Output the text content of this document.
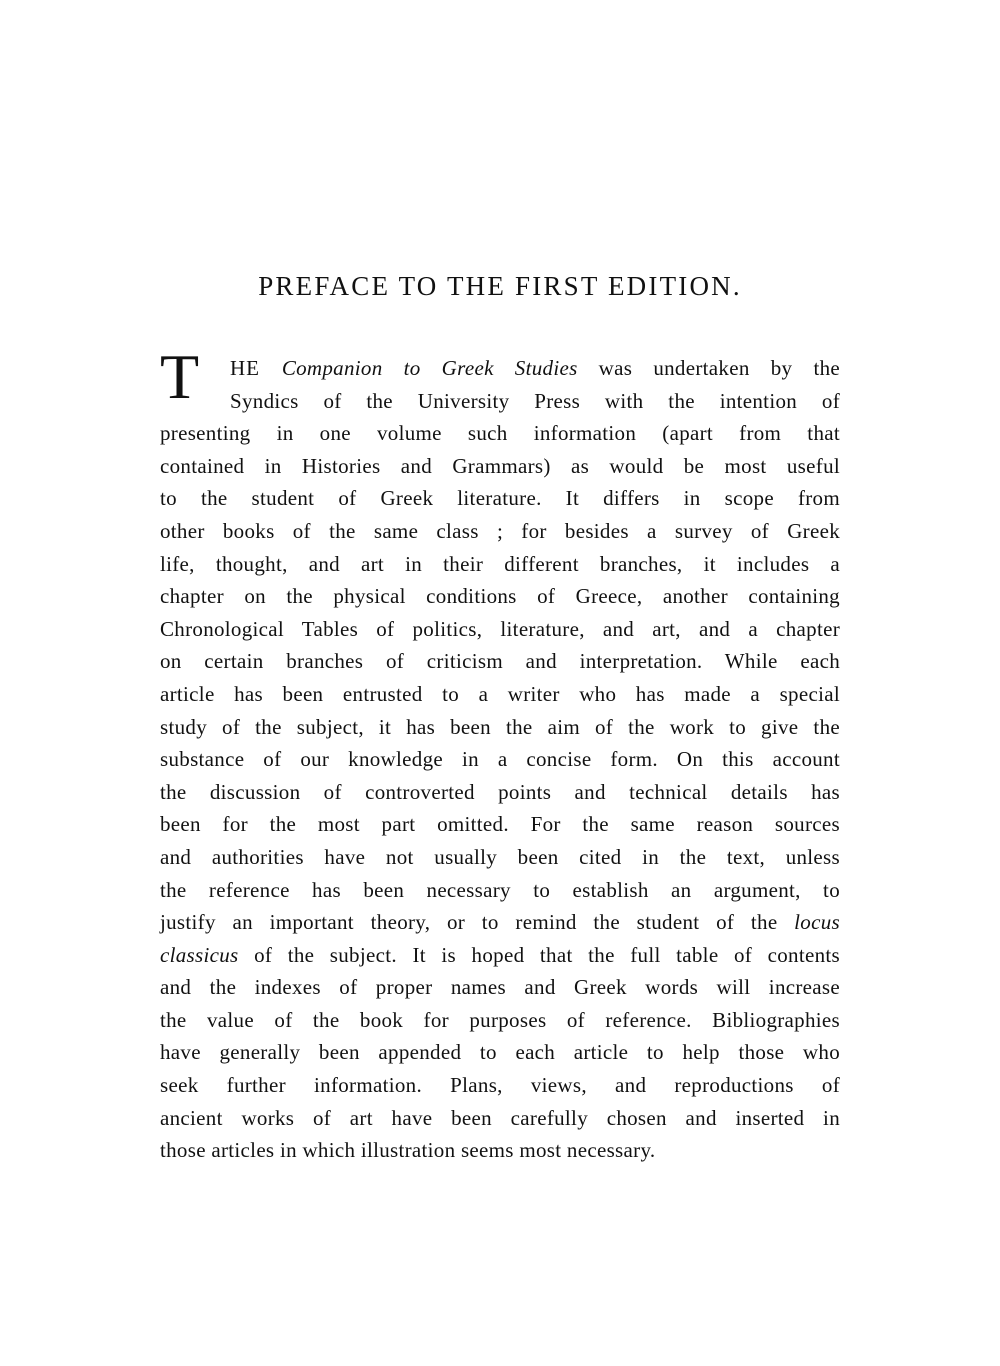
PREFACE TO THE FIRST EDITION.
T	HE Companion to Greek Studies was undertaken by the
Syndics of the University Press with the intention of
presenting in one volume such information (apart from that
contained in Histories and Grammars) as would be most useful
to the student of Greek literature. It differs in scope from
other books of the same class ; for besides a survey of Greek
life, thought, and art in their different branches, it includes a
chapter on the physical conditions of Greece, another containing
Chronological Tables of politics, literature, and art, and a chapter
on certain branches of criticism and interpretation. While each
article has been entrusted to a writer who has made a special
study of the subject, it has been the aim of the work to give the
substance of our knowledge in a concise form. On this account
the discussion of controverted points and technical details has
been for the most part omitted. For the same reason sources
and authorities have not usually been cited in the text, unless
the reference has been necessary to establish an argument, to
justify an important theory, or to remind the student of the locus
classicus of the subject. It is hoped that the full table of contents
and the indexes of proper names and Greek words will increase
the value of the book for purposes of reference. Bibliographies
have generally been appended to each article to help those who
seek further information. Plans, views, and reproductions of
ancient works of art have been carefully chosen and inserted in
those articles in which illustration seems most necessary.
